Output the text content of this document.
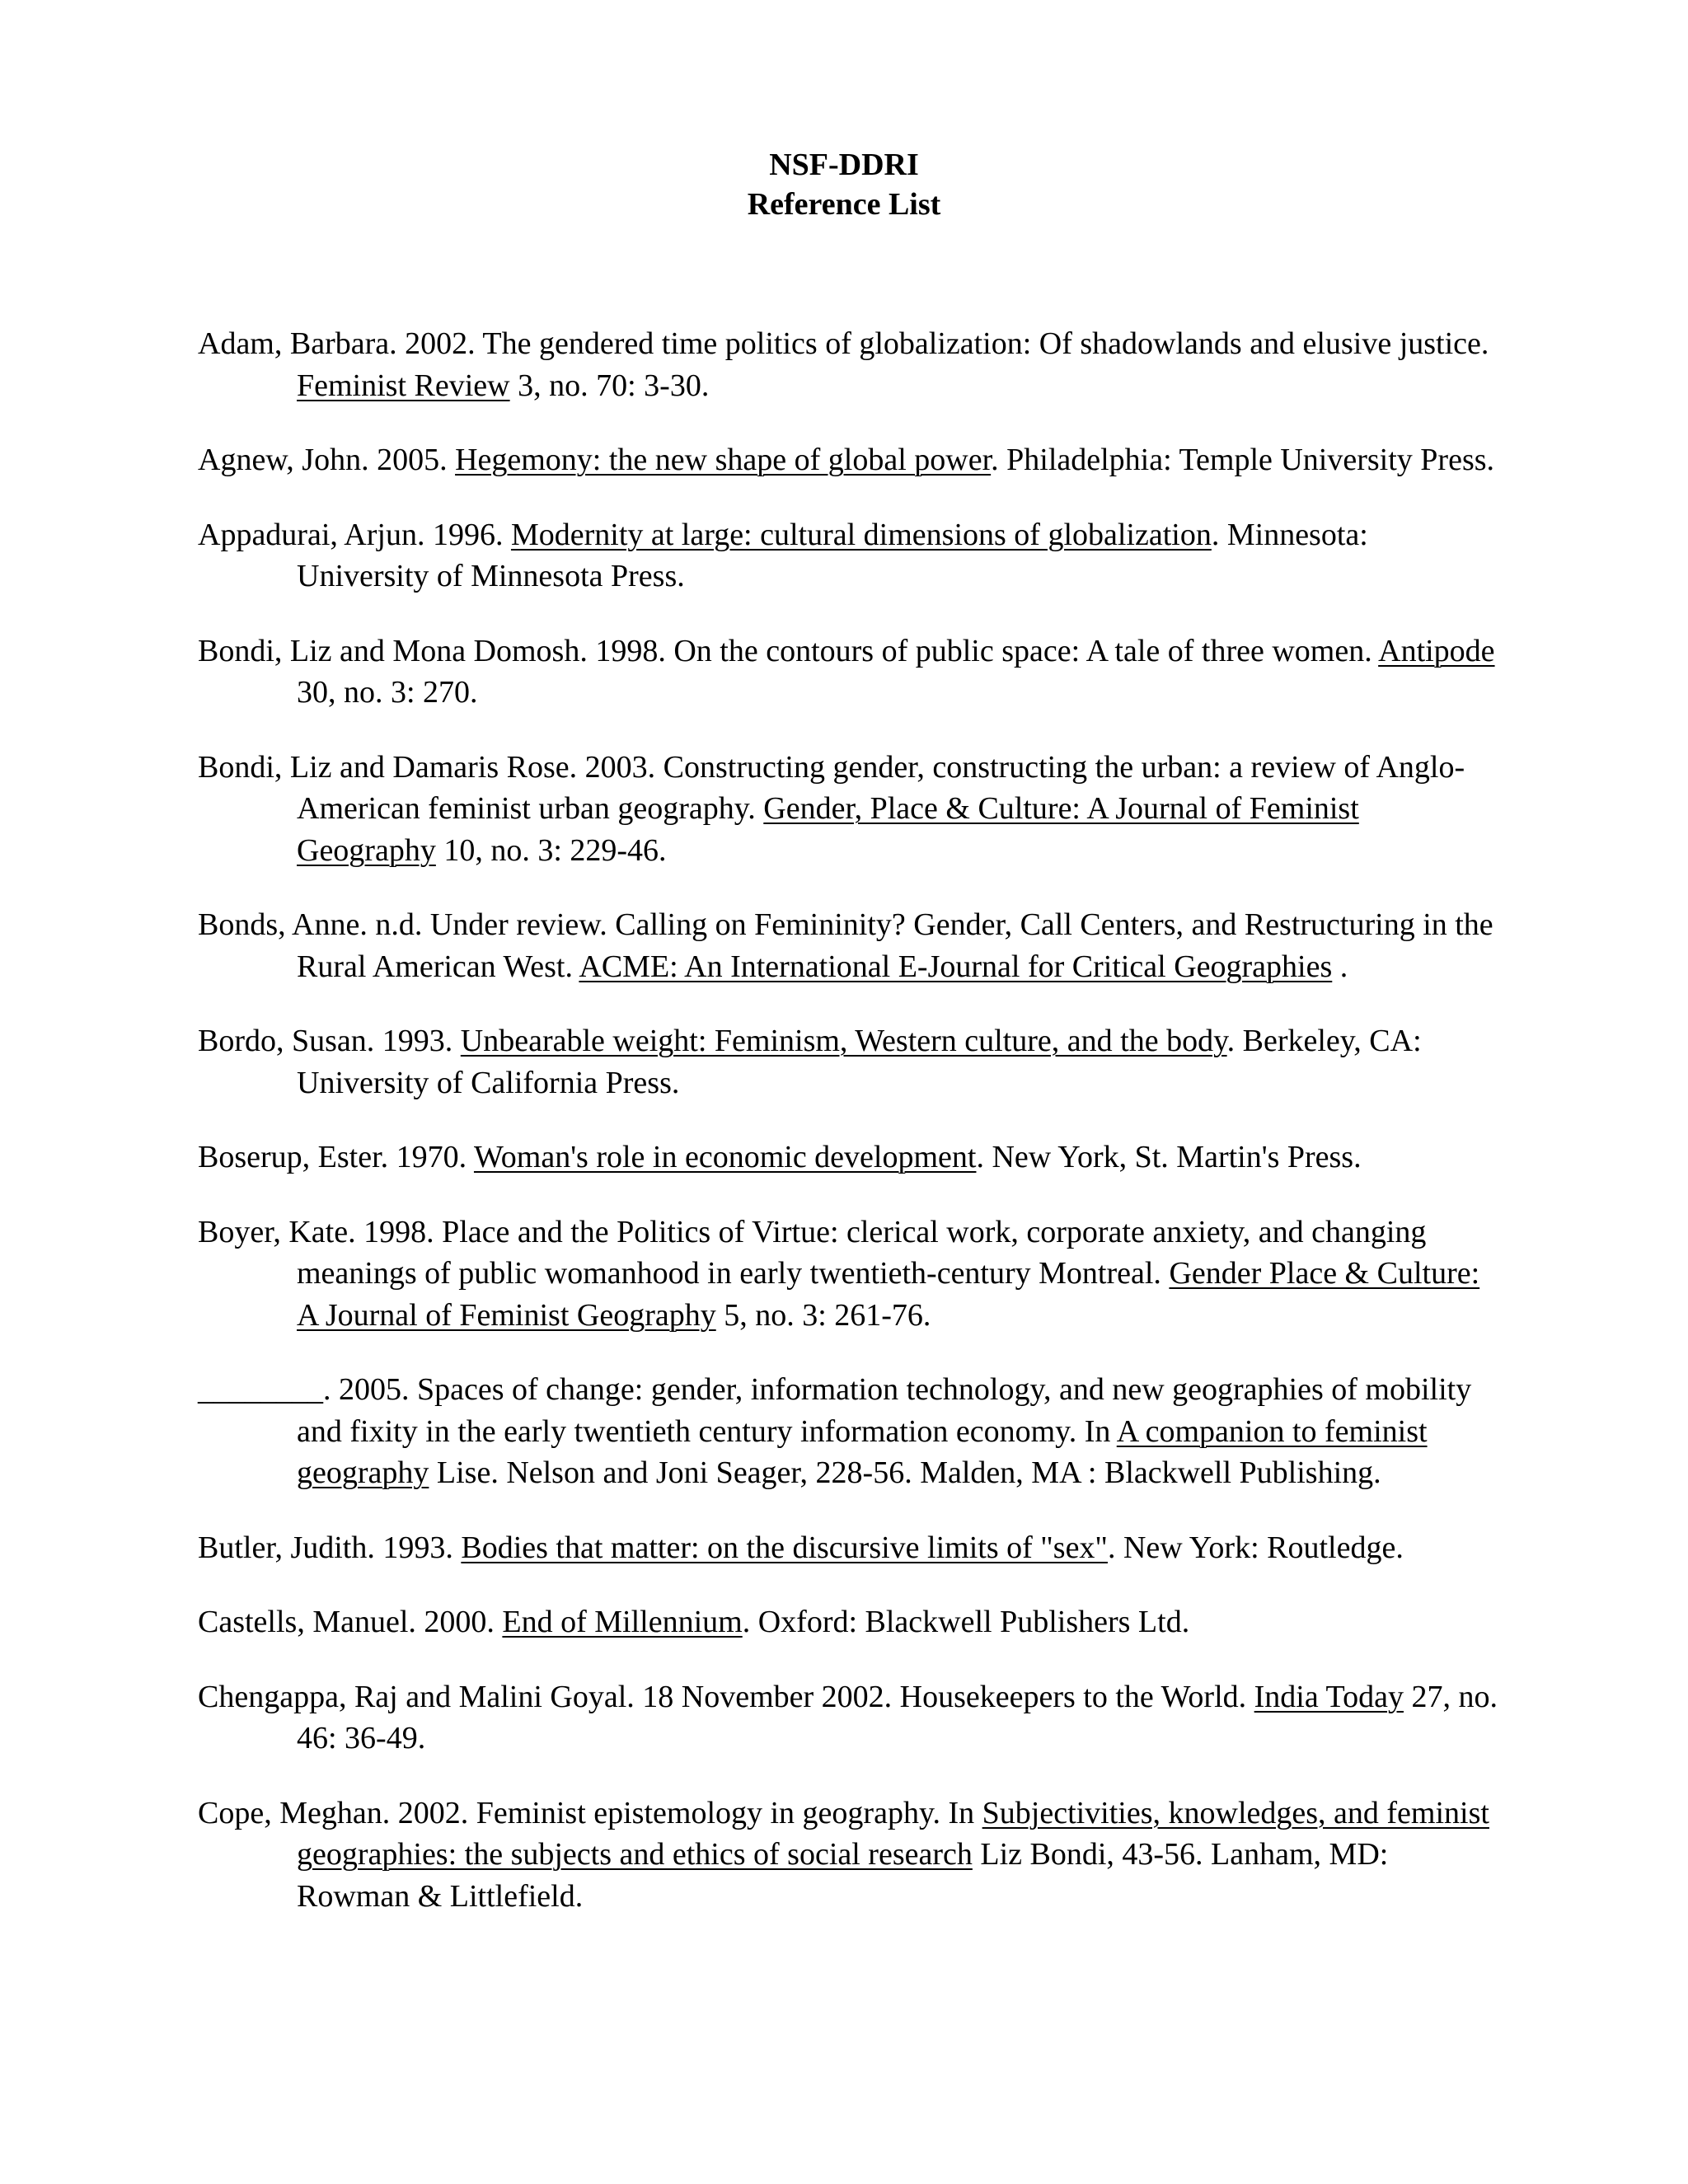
NSF-DDRI
Reference List

Adam, Barbara. 2002. The gendered time politics of globalization: Of shadowlands and elusive justice. Feminist Review 3, no. 70: 3-30.

Agnew, John. 2005. Hegemony: the new shape of global power. Philadelphia: Temple University Press.

Appadurai, Arjun. 1996. Modernity at large: cultural dimensions of globalization. Minnesota: University of Minnesota Press.

Bondi, Liz and Mona Domosh. 1998. On the contours of public space: A tale of three women. Antipode 30, no. 3: 270.

Bondi, Liz and Damaris Rose. 2003. Constructing gender, constructing the urban: a review of Anglo-American feminist urban geography. Gender, Place & Culture: A Journal of Feminist Geography 10, no. 3: 229-46.

Bonds, Anne. n.d. Under review. Calling on Femininity? Gender, Call Centers, and Restructuring in the Rural American West. ACME: An International E-Journal for Critical Geographies .

Bordo, Susan. 1993. Unbearable weight: Feminism, Western culture, and the body. Berkeley, CA: University of California Press.

Boserup, Ester. 1970. Woman's role in economic development. New York, St. Martin's Press.

Boyer, Kate. 1998. Place and the Politics of Virtue: clerical work, corporate anxiety, and changing meanings of public womanhood in early twentieth-century Montreal. Gender Place & Culture: A Journal of Feminist Geography 5, no. 3: 261-76.

________. 2005. Spaces of change: gender, information technology, and new geographies of mobility and fixity in the early twentieth century information economy. In A companion to feminist geography Lise. Nelson and Joni Seager, 228-56. Malden, MA : Blackwell Publishing.

Butler, Judith. 1993. Bodies that matter: on the discursive limits of "sex". New York: Routledge.

Castells, Manuel. 2000. End of Millennium. Oxford: Blackwell Publishers Ltd.

Chengappa, Raj and Malini Goyal. 18 November 2002. Housekeepers to the World. India Today 27, no. 46: 36-49.

Cope, Meghan. 2002. Feminist epistemology in geography. In Subjectivities, knowledges, and feminist geographies: the subjects and ethics of social research Liz Bondi, 43-56. Lanham, MD: Rowman & Littlefield.
